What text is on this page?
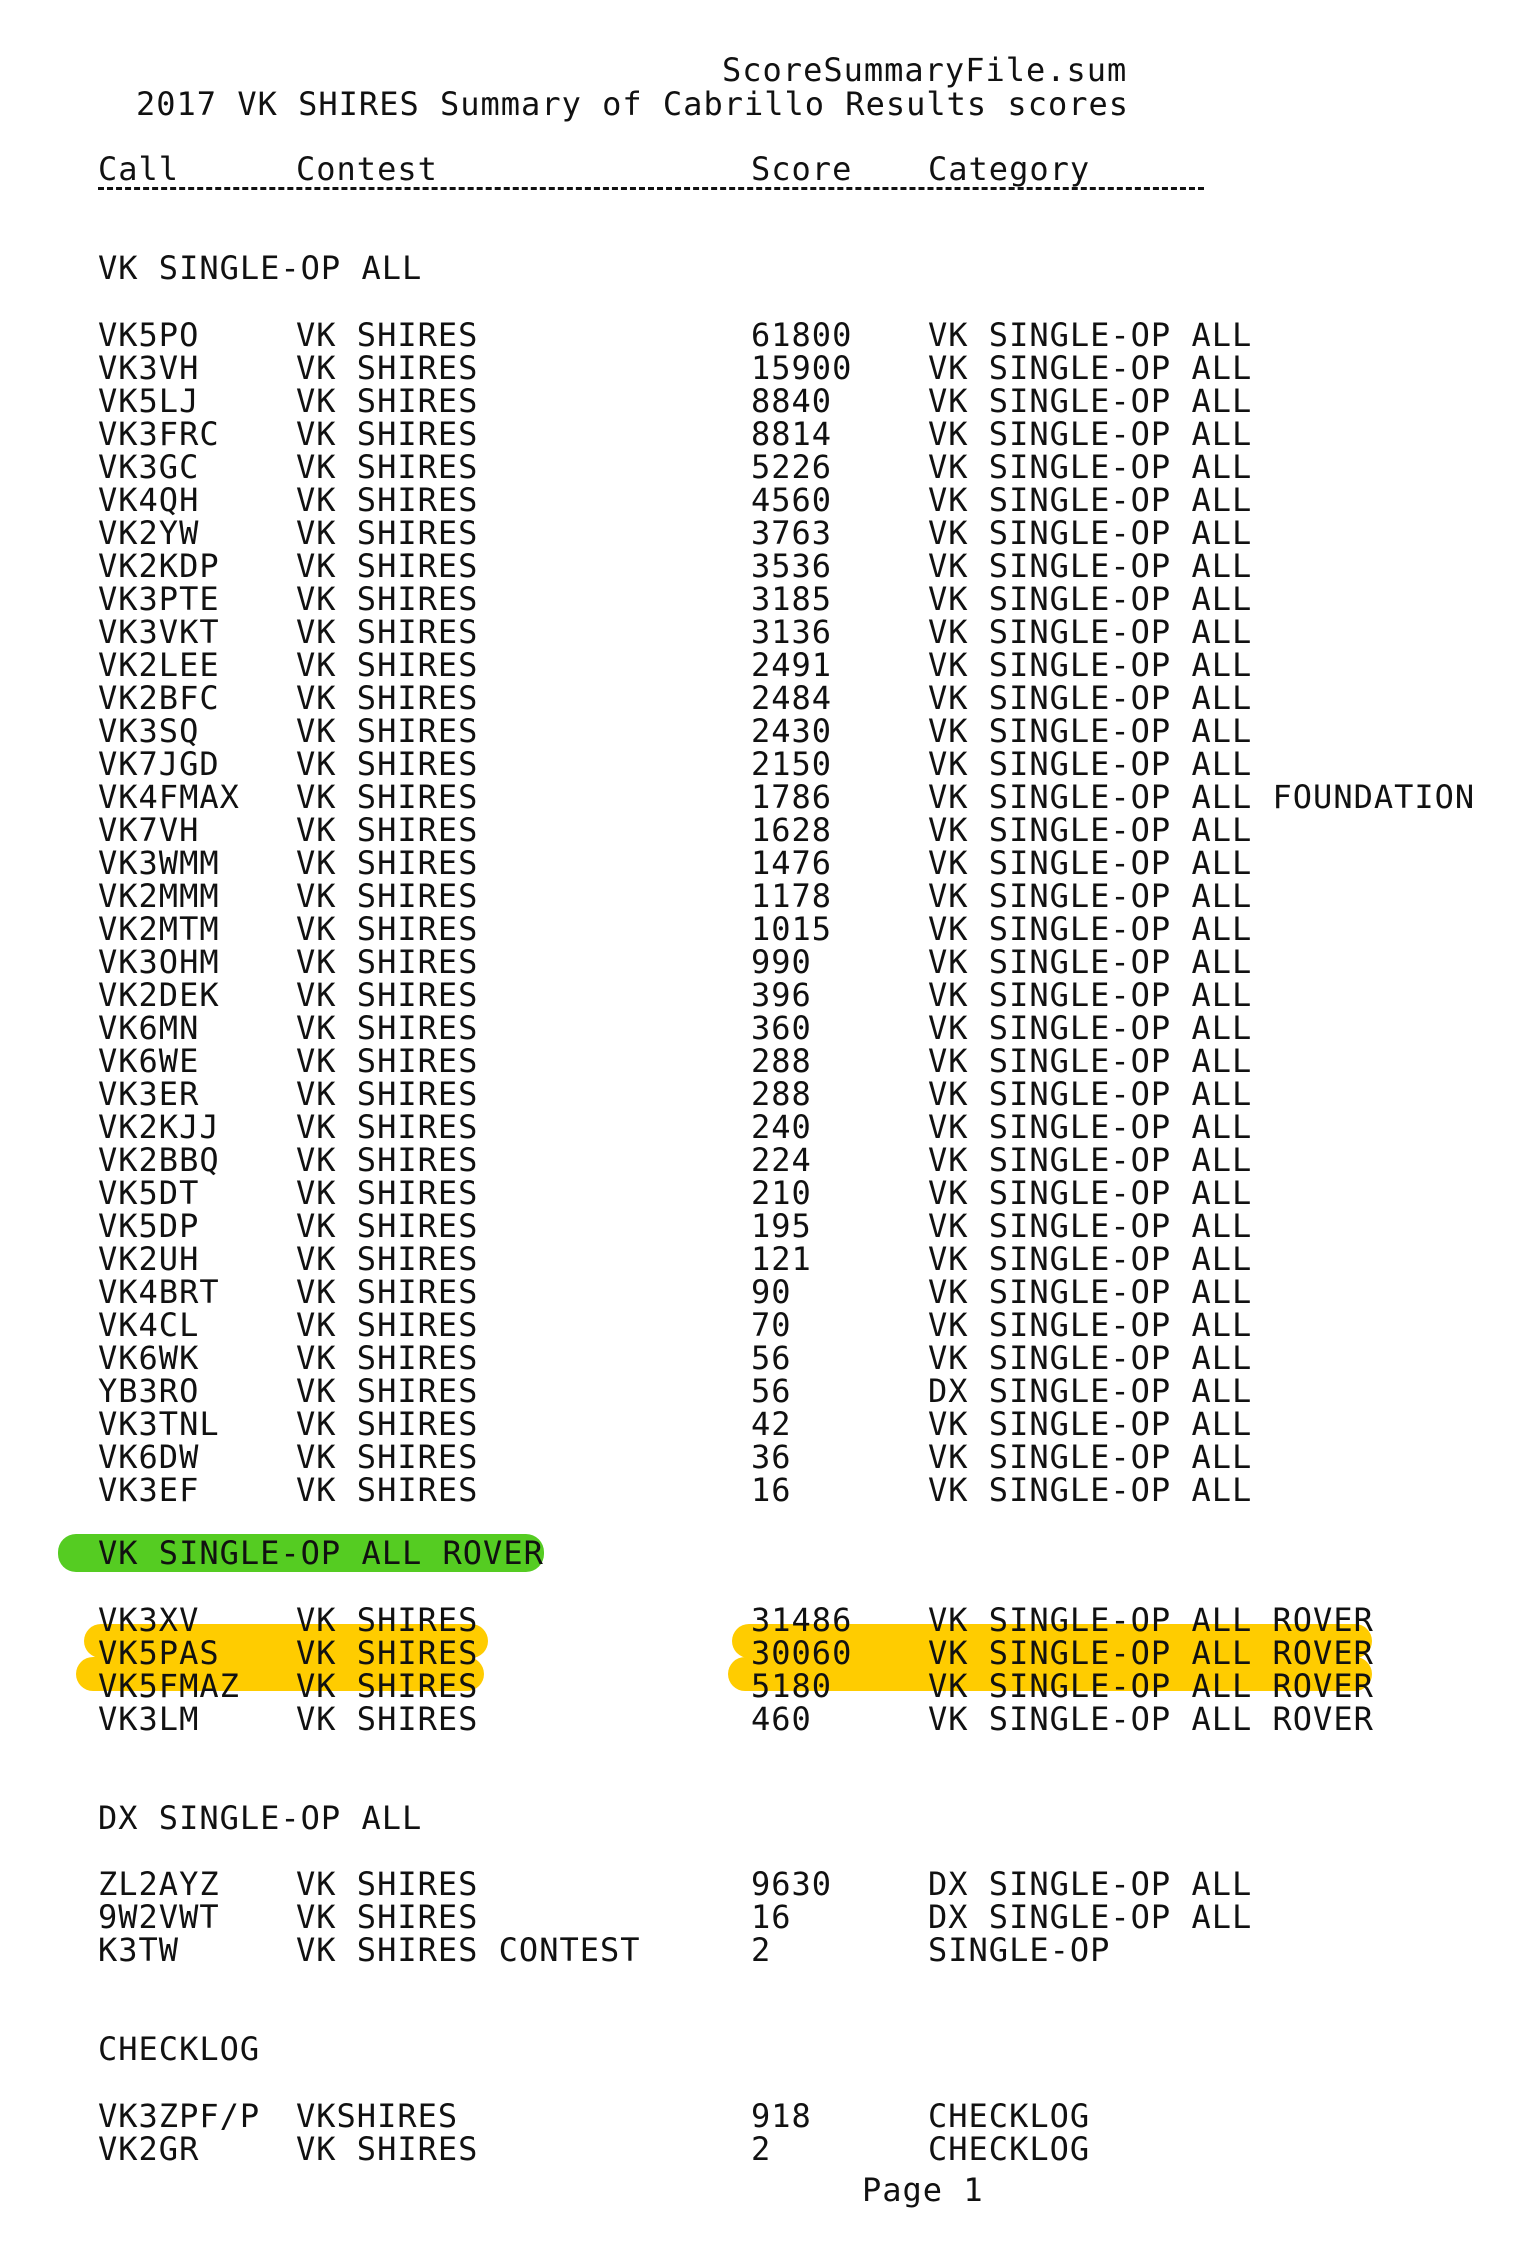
ScoreSummaryFile.sum
2017 VK SHIRES Summary of Cabrillo Results scores
Call	Contest	Score Category
VK SINGLE-OP ALL
VK5PO	VK SHIRES	61800 VK SINGLE-OP ALL
VK3VH	VK SHIRES	15900 VK SINGLE-OP ALL
VK5LJ	VK SHIRES	8840	VK SINGLE-OP ALL
VK3FRC VK SHIRES	8814	VK SINGLE-OP ALL
VK3GC	VK SHIRES	5226	VK SINGLE-OP ALL
VK4QH	VK SHIRES	4560	VK SINGLE-OP ALL
VK2YW	VK SHIRES	3763	VK SINGLE-OP ALL
VK2KDP VK SHIRES	3536	VK SINGLE-OP ALL
VK3PTE VK SHIRES	3185	VK SINGLE-OP ALL
VK3VKT VK SHIRES	3136	VK SINGLE-OP ALL
VK2LEE VK SHIRES	2491	VK SINGLE-OP ALL
VK2BFC VK SHIRES	2484	VK SINGLE-OP ALL
VK3SQ	VK SHIRES	2430	VK SINGLE-OP ALL
VK7JGD VK SHIRES	2150	VK SINGLE-OP ALL
VK4FMAX VK SHIRES	1786	VK SINGLE-OP ALL FOUNDATION
VK7VH	VK SHIRES	1628	VK SINGLE-OP ALL
VK3WMM VK SHIRES	1476	VK SINGLE-OP ALL
VK2MMM VK SHIRES	1178	VK SINGLE-OP ALL
VK2MTM VK SHIRES	1015	VK SINGLE-OP ALL
VK3OHM VK SHIRES	990	VK SINGLE-OP ALL
VK2DEK VK SHIRES	396	VK SINGLE-OP ALL
VK6MN	VK SHIRES	360	VK SINGLE-OP ALL
VK6WE	VK SHIRES	288	VK SINGLE-OP ALL
VK3ER	VK SHIRES	288	VK SINGLE-OP ALL
VK2KJJ VK SHIRES	240	VK SINGLE-OP ALL
VK2BBQ VK SHIRES	224	VK SINGLE-OP ALL
VK5DT	VK SHIRES	210	VK SINGLE-OP ALL
VK5DP	VK SHIRES	195	VK SINGLE-OP ALL
VK2UH	VK SHIRES	121	VK SINGLE-OP ALL
VK4BRT VK SHIRES	90	VK SINGLE-OP ALL
VK4CL	VK SHIRES	70	VK SINGLE-OP ALL
VK6WK	VK SHIRES	56	VK SINGLE-OP ALL
YB3RO	VK SHIRES	56	DX SINGLE-OP ALL
VK3TNL VK SHIRES	42	VK SINGLE-OP ALL
VK6DW	VK SHIRES	36	VK SINGLE-OP ALL
VK3EF	VK SHIRES	16	VK SINGLE-OP ALL
VK SINGLE-OP ALL ROVER
VK3XV	VK SHIRES	31486 VK SINGLE-OP ALL ROVER
VK5PAS VK SHIRES	30060 VK SINGLE-OP ALL ROVER
VK5FMAZ VK SHIRES	5180	VK SINGLE-OP ALL ROVER
VK3LM	VK SHIRES	460	VK SINGLE-OP ALL ROVER
DX SINGLE-OP ALL
ZL2AYZ VK SHIRES	9630	DX SINGLE-OP ALL
9W2VWT VK SHIRES	16	DX SINGLE-OP ALL
K3TW	VK SHIRES CONTEST	2	SINGLE-OP
CHECKLOG
VK3ZPF/P VKSHIRES	918	CHECKLOG
VK2GR	VK SHIRES	2	CHECKLOG
Page 1
